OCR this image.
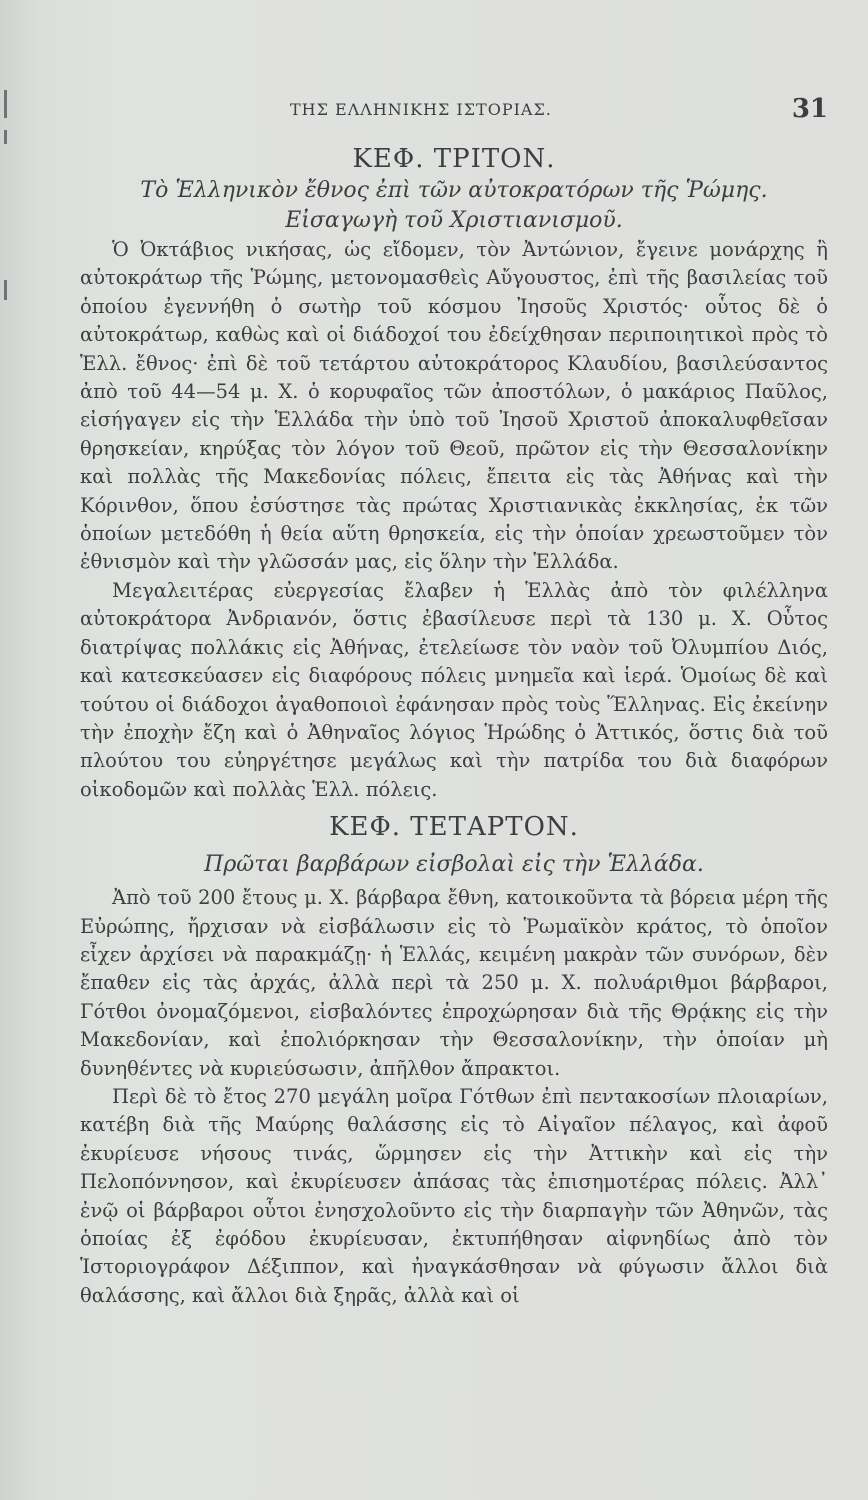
ΤΗΣ ΕΛΛΗΝΙΚΗΣ ΙΣΤΟΡΙΑΣ.	31
ΚΕΦ. ΤΡΙΤΟΝ.
Τὸ Ἑλληνικὸν ἔθνος ἐπὶ τῶν αὐτοκρατόρων τῆς Ῥώμης.
Εἰσαγωγὴ τοῦ Χριστιανισμοῦ.

Ὁ Ὀκτάβιος νικήσας, ὡς εἴδομεν, τὸν Ἀντώνιον, ἔγεινε μονάρχης ἢ αὐτοκράτωρ τῆς Ῥώμης, μετονομασθεὶς Αὔγουστος, ἐπὶ τῆς βασιλείας τοῦ ὁποίου ἐγεννήθη ὁ σωτὴρ τοῦ κόσμου Ἰησοῦς Χριστός· οὗτος δὲ ὁ αὐτοκράτωρ, καθὼς καὶ οἱ διάδοχοί του ἐδείχθησαν περιποιητικοὶ πρὸς τὸ Ἑλλ. ἔθνος· ἐπὶ δὲ τοῦ τετάρτου αὐτοκράτορος Κλαυδίου, βασιλεύσαντος ἀπὸ τοῦ 44—54 μ. Χ. ὁ κορυφαῖος τῶν ἀποστόλων, ὁ μακάριος Παῦλος, εἰσήγαγεν εἰς τὴν Ἑλλάδα τὴν ὑπὸ τοῦ Ἰησοῦ Χριστοῦ ἀποκαλυφθεῖσαν θρησκείαν, κηρύξας τὸν λόγον τοῦ Θεοῦ, πρῶτον εἰς τὴν Θεσσαλονίκην καὶ πολλὰς τῆς Μακεδονίας πόλεις, ἔπειτα εἰς τὰς Ἀθήνας καὶ τὴν Κόρινθον, ὅπου ἐσύστησε τὰς πρώτας Χριστιανικὰς ἐκκλησίας, ἐκ τῶν ὁποίων μετεδόθη ἡ θεία αὕτη θρησκεία, εἰς τὴν ὁποίαν χρεωστοῦμεν τὸν ἐθνισμὸν καὶ τὴν γλῶσσάν μας, εἰς ὅλην τὴν Ἑλλάδα.

Μεγαλειτέρας εὐεργεσίας ἔλαβεν ἡ Ἑλλὰς ἀπὸ τὸν φιλέλληνα αὐτοκράτορα Ἀνδριανόν, ὅστις ἐβασίλευσε περὶ τὰ 130 μ. Χ. Οὗτος διατρίψας πολλάκις εἰς Ἀθήνας, ἐτελείωσε τὸν ναὸν τοῦ Ὀλυμπίου Διός, καὶ κατεσκεύασεν εἰς διαφόρους πόλεις μνημεῖα καὶ ἱερά. Ὁμοίως δὲ καὶ τούτου οἱ διάδοχοι ἀγαθοποιοὶ ἐφάνησαν πρὸς τοὺς Ἕλληνας. Εἰς ἐκείνην τὴν ἐποχὴν ἔζη καὶ ὁ Ἀθηναῖος λόγιος Ἡρώδης ὁ Ἀττικός, ὅστις διὰ τοῦ πλούτου του εὐηργέτησε μεγάλως καὶ τὴν πατρίδα του διὰ διαφόρων οἰκοδομῶν καὶ πολλὰς Ἑλλ. πόλεις.

ΚΕΦ. ΤΕΤΑΡΤΟΝ.
Πρῶται βαρβάρων εἰσβολαὶ εἰς τὴν Ἑλλάδα.

Ἀπὸ τοῦ 200 ἔτους μ. Χ. βάρβαρα ἔθνη, κατοικοῦντα τὰ βόρεια μέρη τῆς Εὐρώπης, ἤρχισαν νὰ εἰσβάλωσιν εἰς τὸ Ῥωμαϊκὸν κράτος, τὸ ὁποῖον εἶχεν ἀρχίσει νὰ παρακμάζῃ· ἡ Ἑλλάς, κειμένη μακρὰν τῶν συνόρων, δὲν ἔπαθεν εἰς τὰς ἀρχάς, ἀλλὰ περὶ τὰ 250 μ. Χ. πολυάριθμοι βάρβαροι, Γότθοι ὀνομαζόμενοι, εἰσβαλόντες ἐπροχώρησαν διὰ τῆς Θρᾴκης εἰς τὴν Μακεδονίαν, καὶ ἐπολιόρκησαν τὴν Θεσσαλονίκην, τὴν ὁποίαν μὴ δυνηθέντες νὰ κυριεύσωσιν, ἀπῆλθον ἄπρακτοι.

Περὶ δὲ τὸ ἔτος 270 μεγάλη μοῖρα Γότθων ἐπὶ πεντακοσίων πλοιαρίων, κατέβη διὰ τῆς Μαύρης θαλάσσης εἰς τὸ Αἰγαῖον πέλαγος, καὶ ἀφοῦ ἐκυρίευσε νήσους τινάς, ὥρμησεν εἰς τὴν Ἀττικὴν καὶ εἰς τὴν Πελοπόννησον, καὶ ἐκυρίευσεν ἁπάσας τὰς ἐπισημοτέρας πόλεις. Ἀλλ᾽ ἐνῷ οἱ βάρβαροι οὗτοι ἐνησχολοῦντο εἰς τὴν διαρπαγὴν τῶν Ἀθηνῶν, τὰς ὁποίας ἐξ ἐφόδου ἐκυρίευσαν, ἐκτυπήθησαν αἰφνηδίως ἀπὸ τὸν Ἱστοριογράφον Δέξιππον, καὶ ἠναγκάσθησαν νὰ φύγωσιν ἄλλοι διὰ θαλάσσης, καὶ ἄλλοι διὰ ξηρᾶς, ἀλλὰ καὶ οἱ
